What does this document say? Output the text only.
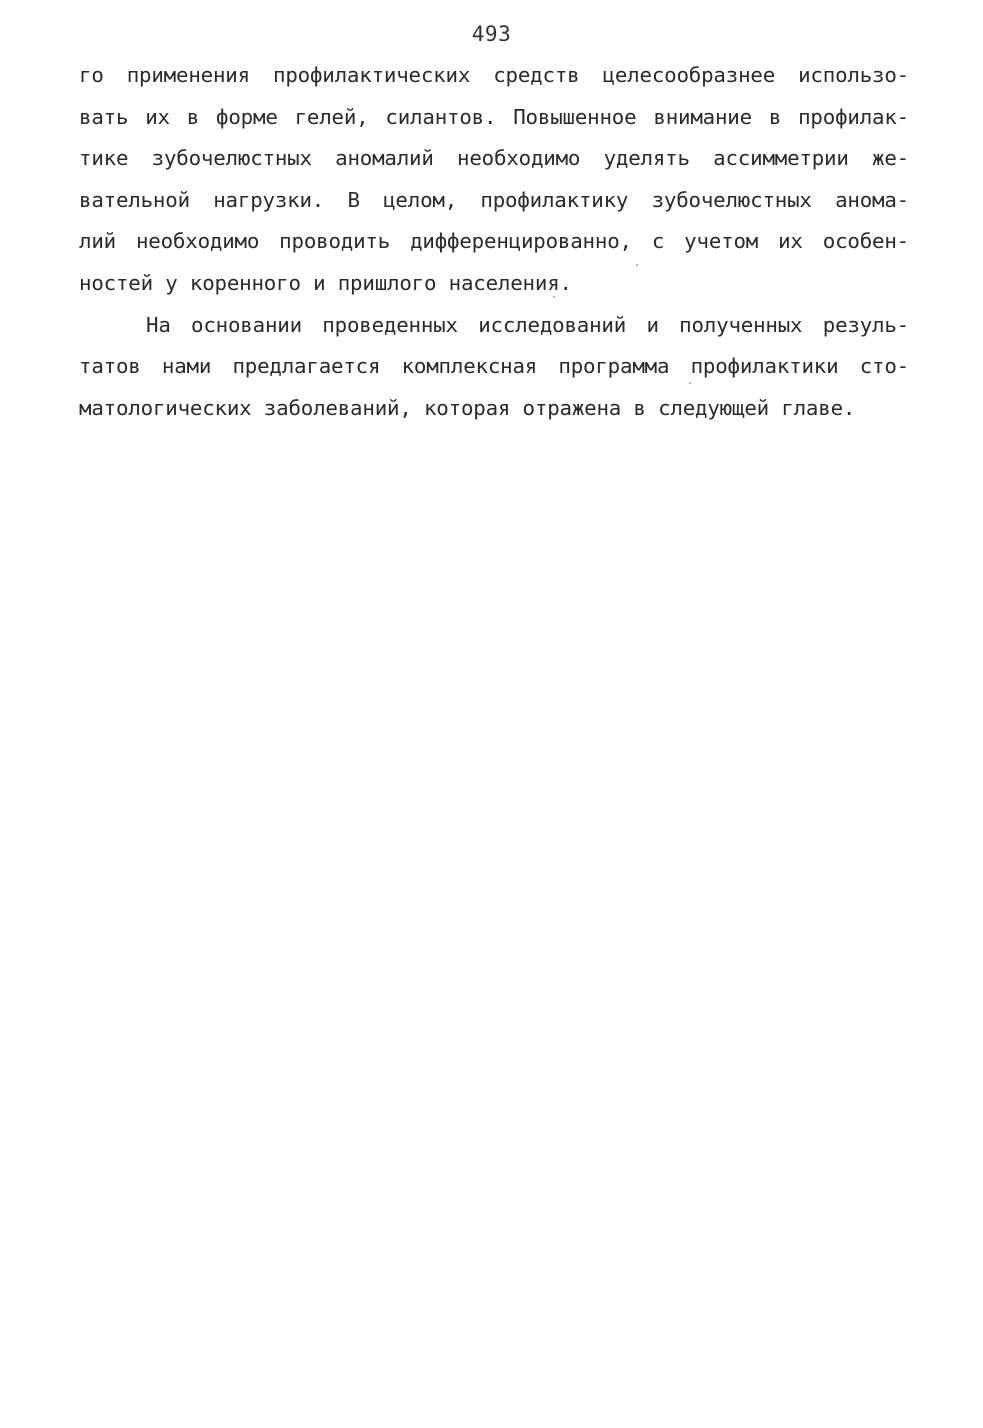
493
го применения профилактических средств целесообразнее использо-
вать их в форме гелей, силантов. Повышенное внимание в профилак-
тике зубочелюстных аномалий необходимо уделять ассимметрии же-
вательной нагрузки. В целом, профилактику зубочелюстных анома-
лий необходимо проводить дифференцированно, с учетом их особен-
ностей у коренного и пришлого населения.
На основании проведенных исследований и полученных резуль-
татов нами предлагается комплексная программа профилактики сто-
матологических заболеваний, которая отражена в следующей главе.
